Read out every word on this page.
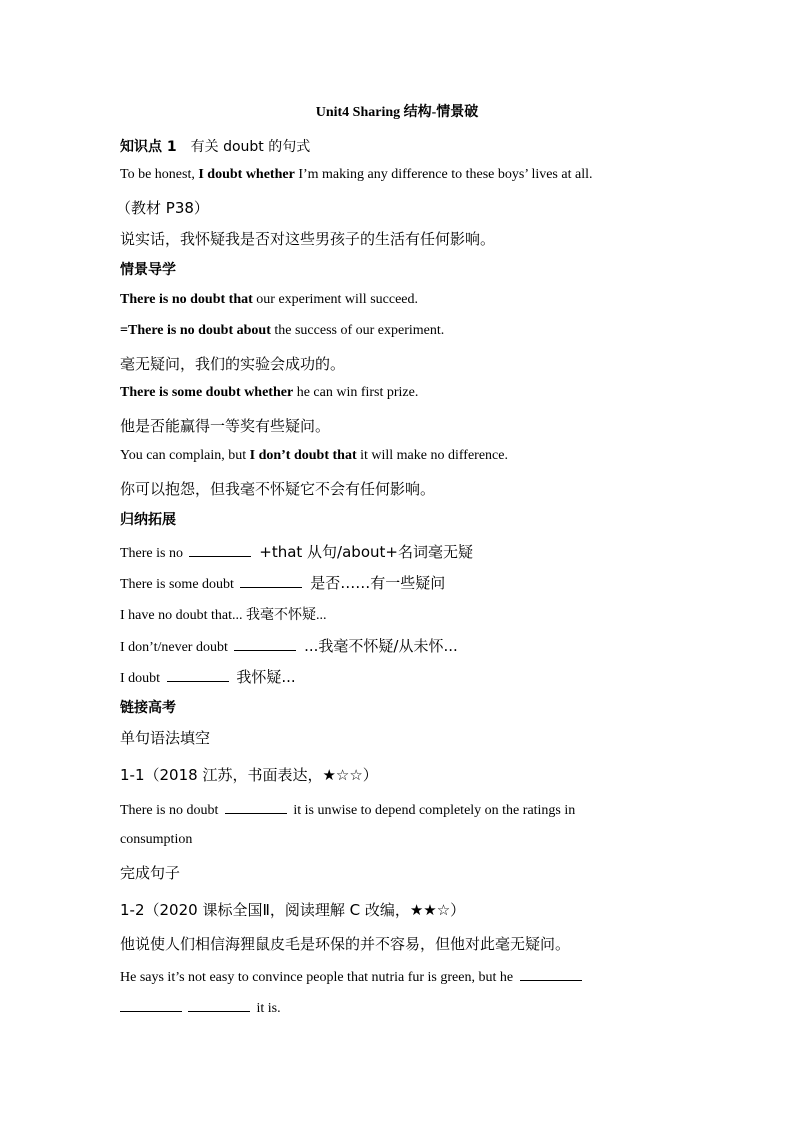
Unit4 Sharing 结构-情景破
知识点 1 有关 doubt 的句式
To be honest, I doubt whether I’m making any difference to these boys’ lives at all.
（教材 P38）
说实话，我怀疑我是否对这些男孩子的生活有任何影响。
情景导学
There is no doubt that our experiment will succeed.
=There is no doubt about the success of our experiment.
毫无疑问，我们的实验会成功的。
There is some doubt whether he can win first prize.
他是否能赢得一等奖有些疑问。
You can complain, but I don’t doubt that it will make no difference.
你可以抱怨，但我毫不怀疑它不会有任何影响。
归纳拓展
There is no	+that 从句/about+名词毫无疑
There is some doubt	是否……有一些疑问
I have no doubt that... 我毫不怀疑...
I don’t/never doubt	...我毫不怀疑/从未怀...
I doubt	我怀疑...
链接高考
单句语法填空
1-1（2018 江苏，书面表达，★☆☆）
There is no doubt	it is unwise to depend completely on the ratings in
consumption
完成句子
1-2（2020 课标全国Ⅱ，阅读理解 C 改编，★★☆）
他说使人们相信海狸鼠皮毛是环保的并不容易，但他对此毫无疑问。
He says it’s not easy to convince people that nutria fur is green, but he
it is.
